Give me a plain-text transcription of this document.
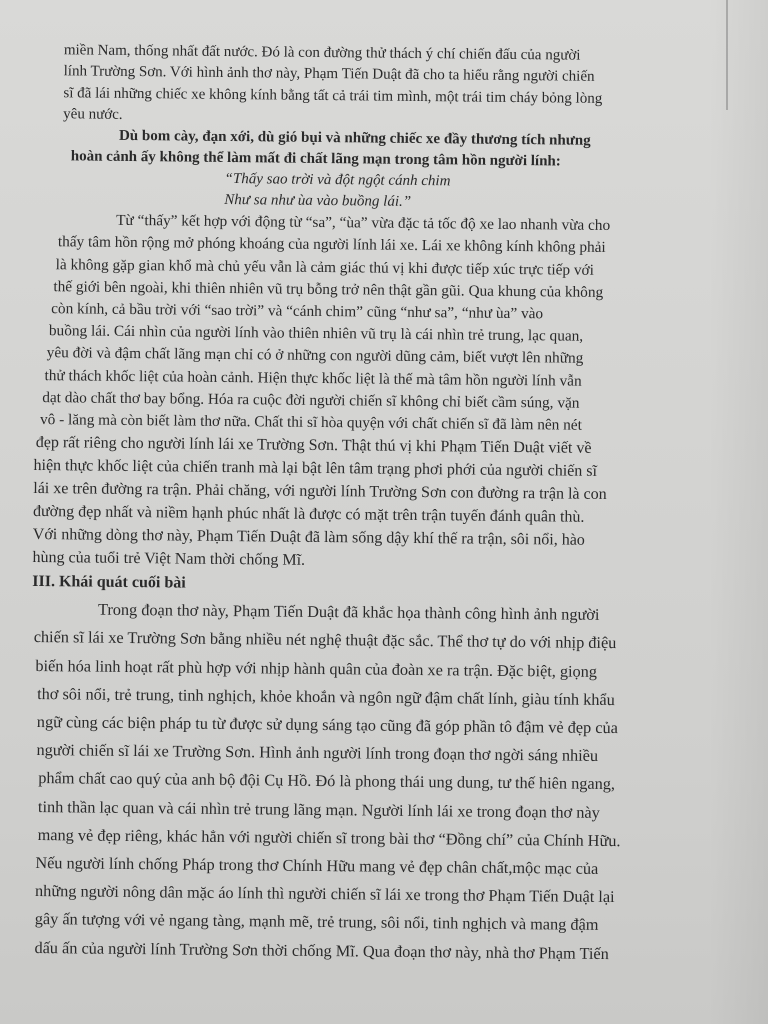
miền Nam, thống nhất đất nước. Đó là con đường thử thách ý chí chiến đấu của người

lính Trường Sơn. Với hình ảnh thơ này, Phạm Tiến Duật đã cho ta hiểu rằng người chiến

sĩ đã lái những chiếc xe không kính bằng tất cả trái tim mình, một trái tim cháy bỏng lòng

yêu nước.

Dù bom cày, đạn xới, dù gió bụi và những chiếc xe đầy thương tích nhưng

hoàn cảnh ấy không thể làm mất đi chất lãng mạn trong tâm hồn người lính:

“Thấy sao trời và đột ngột cánh chim

Như sa như ùa vào buồng lái.”

Từ “thấy” kết hợp với động từ “sa”, “ùa” vừa đặc tả tốc độ xe lao nhanh vừa cho

thấy tâm hồn rộng mở phóng khoáng của người lính lái xe. Lái xe không kính không phải

là không gặp gian khổ mà chủ yếu vẫn là cảm giác thú vị khi được tiếp xúc trực tiếp với

thế giới bên ngoài, khi thiên nhiên vũ trụ bỗng trở nên thật gần gũi. Qua khung của không

còn kính, cả bầu trời với “sao trời” và “cánh chim” cũng “như sa”, “như ùa” vào

buồng lái. Cái nhìn của người lính vào thiên nhiên vũ trụ là cái nhìn trẻ trung, lạc quan,

yêu đời và đậm chất lãng mạn chỉ có ở những con người dũng cảm, biết vượt lên những

thử thách khốc liệt của hoàn cảnh. Hiện thực khốc liệt là thế mà tâm hồn người lính vẫn

dạt dào chất thơ bay bổng. Hóa ra cuộc đời người chiến sĩ không chỉ biết cầm súng, vặn

vô - lăng mà còn biết làm thơ nữa. Chất thi sĩ hòa quyện với chất chiến sĩ đã làm nên nét

đẹp rất riêng cho người lính lái xe Trường Sơn. Thật thú vị khi Phạm Tiến Duật viết về

hiện thực khốc liệt của chiến tranh mà lại bật lên tâm trạng phơi phới của người chiến sĩ

lái xe trên đường ra trận. Phải chăng, với người lính Trường Sơn con đường ra trận là con

đường đẹp nhất và niềm hạnh phúc nhất là được có mặt trên trận tuyến đánh quân thù.

Với những dòng thơ này, Phạm Tiến Duật đã làm sống dậy khí thế ra trận, sôi nổi, hào

hùng của tuổi trẻ Việt Nam thời chống Mĩ.

III. Khái quát cuối bài

Trong đoạn thơ này, Phạm Tiến Duật đã khắc họa thành công hình ảnh người

chiến sĩ lái xe Trường Sơn bằng nhiều nét nghệ thuật đặc sắc. Thể thơ tự do với nhịp điệu

biến hóa linh hoạt rất phù hợp với nhịp hành quân của đoàn xe ra trận. Đặc biệt, giọng

thơ sôi nổi, trẻ trung, tinh nghịch, khỏe khoắn và ngôn ngữ đậm chất lính, giàu tính khẩu

ngữ cùng các biện pháp tu từ được sử dụng sáng tạo cũng đã góp phần tô đậm vẻ đẹp của

người chiến sĩ lái xe Trường Sơn. Hình ảnh người lính trong đoạn thơ ngời sáng nhiều

phẩm chất cao quý của anh bộ đội Cụ Hồ. Đó là phong thái ung dung, tư thế hiên ngang,

tinh thần lạc quan và cái nhìn trẻ trung lãng mạn. Người lính lái xe trong đoạn thơ này

mang vẻ đẹp riêng, khác hẳn với người chiến sĩ trong bài thơ “Đồng chí” của Chính Hữu.

Nếu người lính chống Pháp trong thơ Chính Hữu mang vẻ đẹp chân chất,mộc mạc của

những người nông dân mặc áo lính thì người chiến sĩ lái xe trong thơ Phạm Tiến Duật lại

gây ấn tượng với vẻ ngang tàng, mạnh mẽ, trẻ trung, sôi nổi, tinh nghịch và mang đậm

dấu ấn của người lính Trường Sơn thời chống Mĩ. Qua đoạn thơ này, nhà thơ Phạm Tiến
